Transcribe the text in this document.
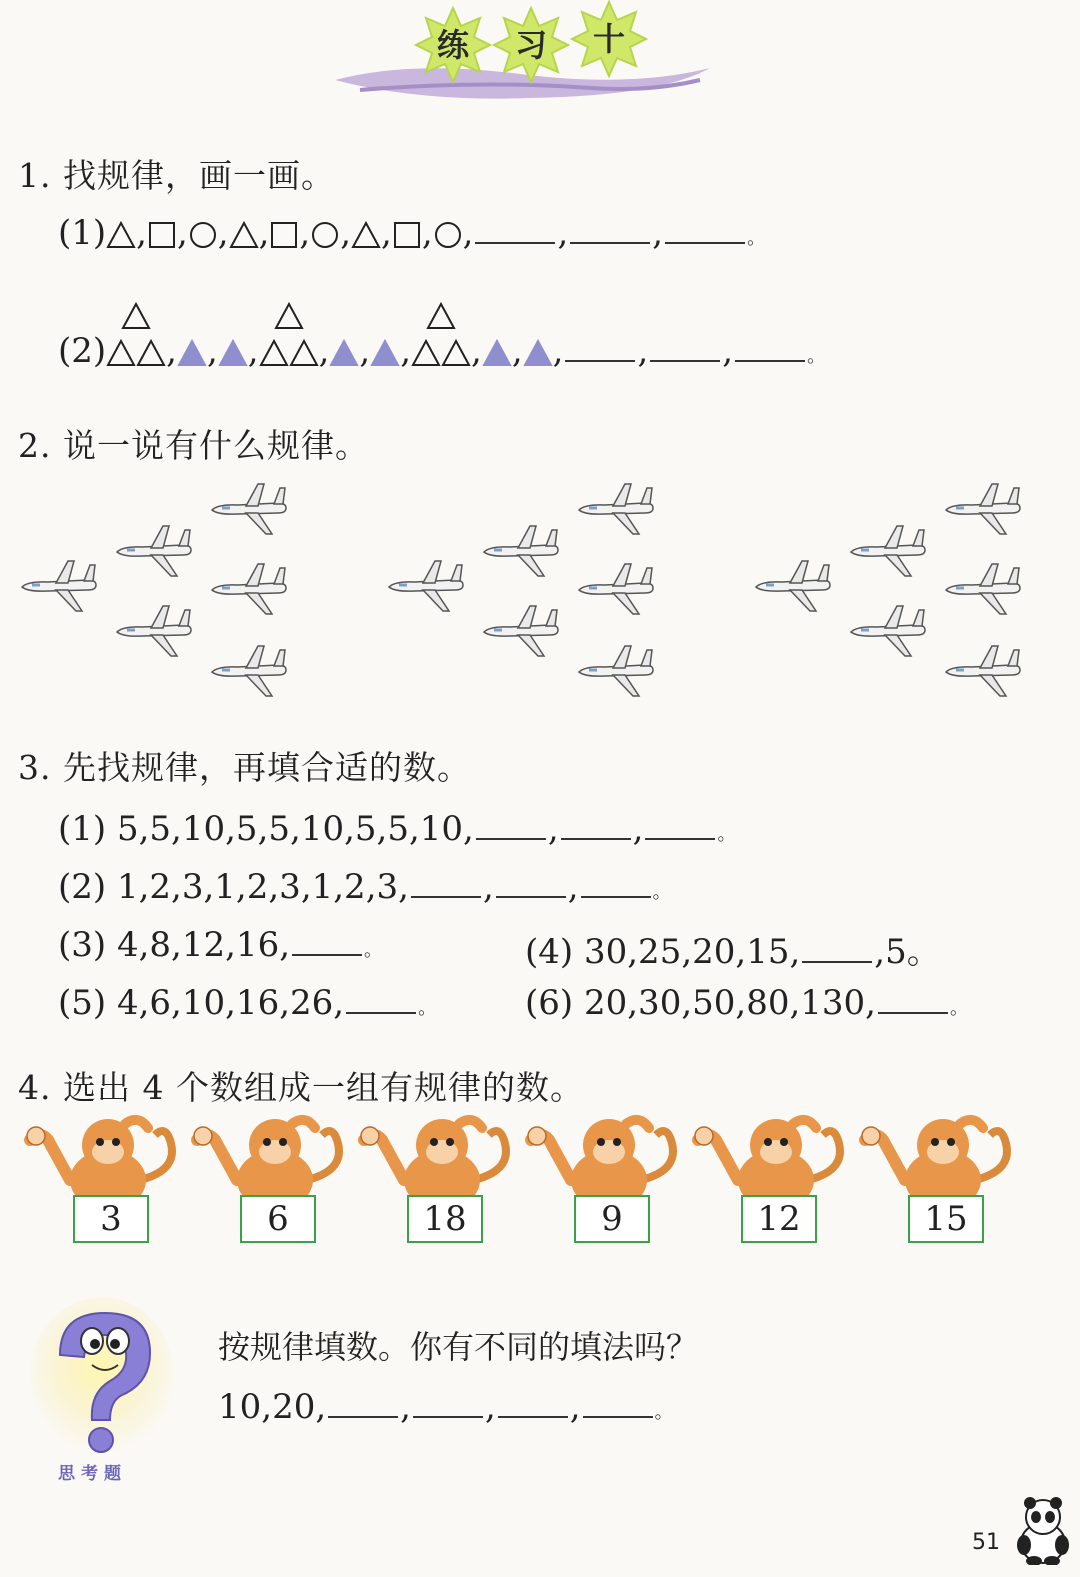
练	习	十
1. 找规律，画一画。
(1) , , , , , , , , , , ,	。
(2) , , , , , , , , , , ,	。
2. 说一说有什么规律。
3. 先找规律，再填合适的数。
(1) 5,5,10,5,5,10,5,5,10, , ,	。
(2) 1,2,3,1,2,3,1,2,3, , ,	。
(3) 4,8,12,16,	。	(4) 30,25,20,15, ,5。
(5) 4,6,10,16,26,	。	(6) 20,30,50,80,130,	。
4. 选出 4 个数组成一组有规律的数。
思考题
按规律填数。你有不同的填法吗？
10,20, , , ,	。
51
3	6	18	9	12	15
